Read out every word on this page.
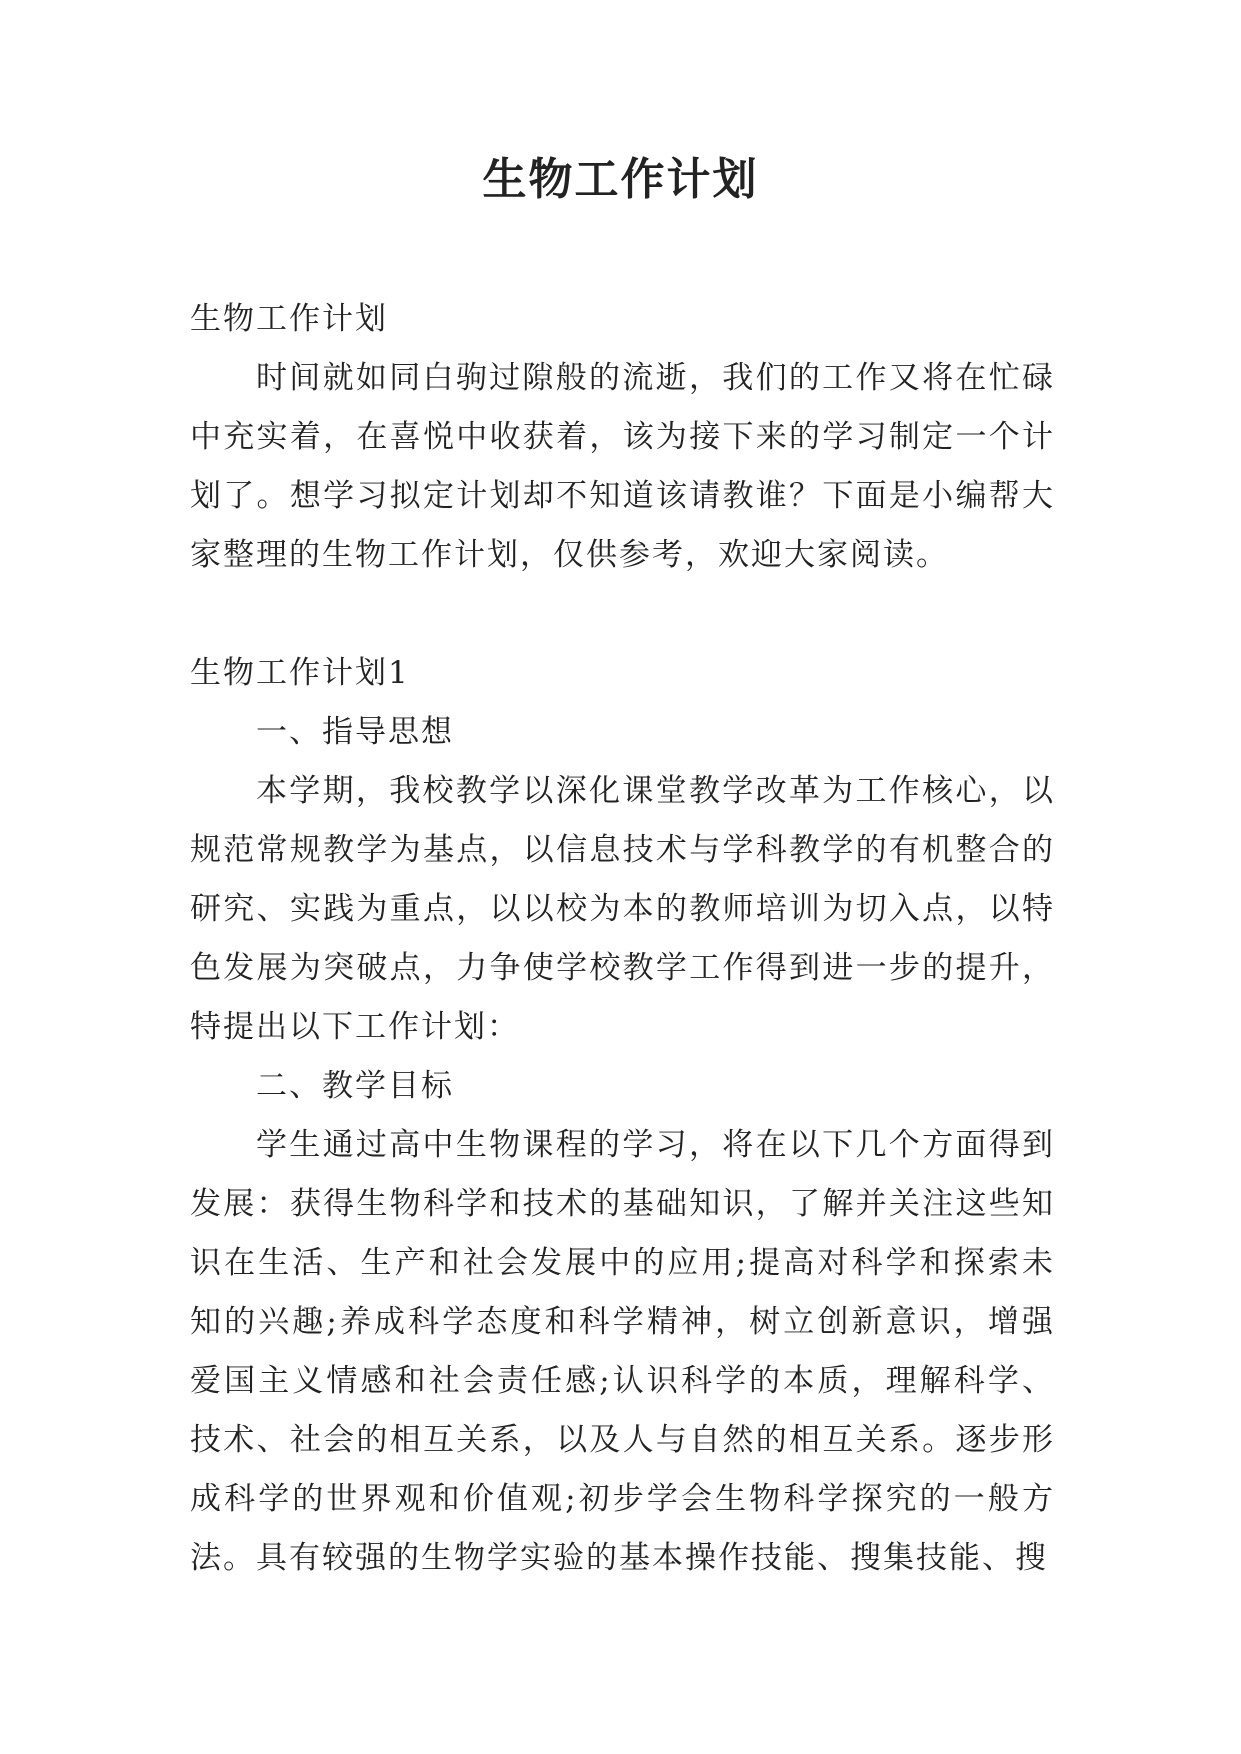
生物工作计划

生物工作计划

时间就如同白驹过隙般的流逝，我们的工作又将在忙碌中充实着，在喜悦中收获着，该为接下来的学习制定一个计划了。想学习拟定计划却不知道该请教谁？下面是小编帮大家整理的生物工作计划，仅供参考，欢迎大家阅读。

生物工作计划1

一、指导思想

本学期，我校教学以深化课堂教学改革为工作核心，以规范常规教学为基点，以信息技术与学科教学的有机整合的研究、实践为重点，以以校为本的教师培训为切入点，以特色发展为突破点，力争使学校教学工作得到进一步的提升，特提出以下工作计划：

二、教学目标

学生通过高中生物课程的学习，将在以下几个方面得到发展：获得生物科学和技术的基础知识，了解并关注这些知识在生活、生产和社会发展中的应用;提高对科学和探索未知的兴趣;养成科学态度和科学精神，树立创新意识，增强爱国主义情感和社会责任感;认识科学的本质，理解科学、技术、社会的相互关系，以及人与自然的相互关系。逐步形成科学的世界观和价值观;初步学会生物科学探究的一般方法。具有较强的生物学实验的基本操作技能、搜集技能、搜
